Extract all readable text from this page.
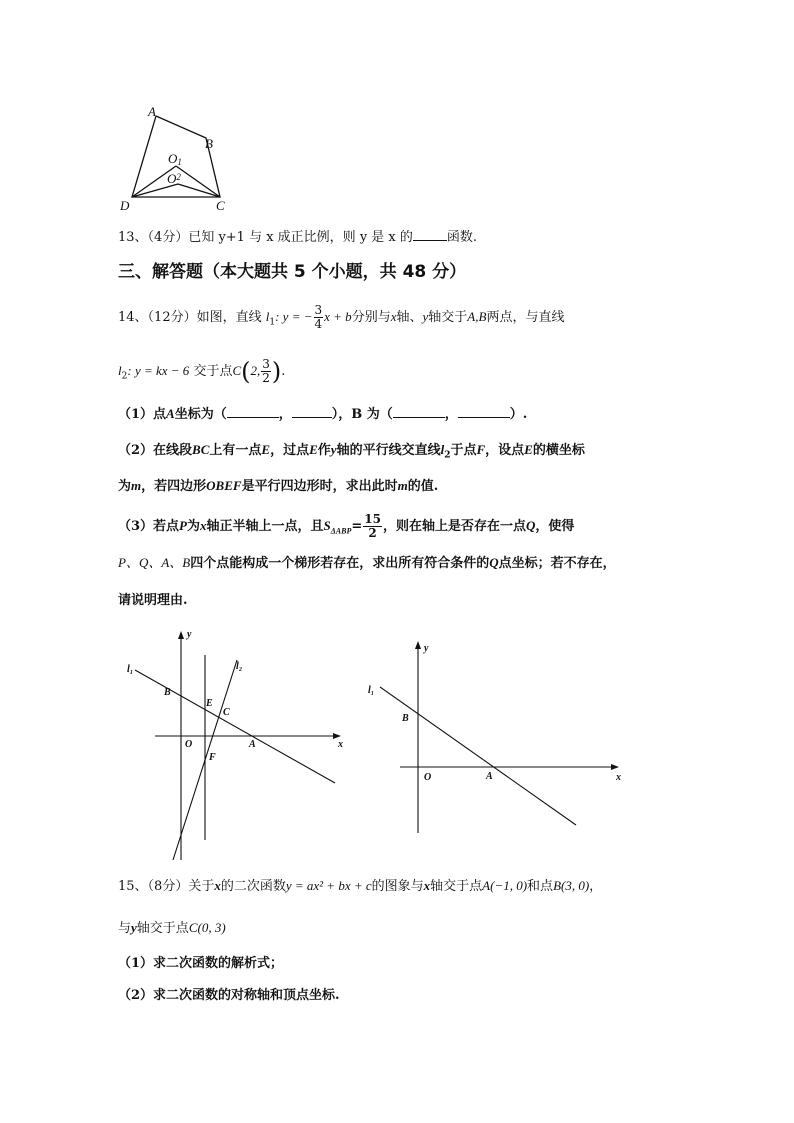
A
B
D	C
O1
$O^2$
13、（4分）已知 y+1 与 x 成正比例，则 y 是 x 的	函数.
三、解答题（本大题共 5 个小题，共 48 分）
14、（12分）如图，直线 $l_1$: y = − $\frac{3}{4}$ x + b分别与x轴、y轴交于A,B两点，与直线
$l_2$: y = kx − 6 交于点C(2, $\frac{3}{2}$ ).
（1）点A坐标为（	，	），B 为（	，	）.
（2）在线段BC上有一点E，过点E作y轴的平行线交直线$l_2$于点F，设点E的横坐标
为m，若四边形OBEF是平行四边形时，求出此时m的值.
（3）若点P为x轴正半轴上一点，且$S_{\Delta ABP}= \frac{15}{2}$ ，则在轴上是否存在一点Q，使得
P、Q、A、B四个点能构成一个梯形若存在，求出所有符合条件的Q点坐标；若不存在，
请说明理由.
y
x
l₁	l₂
B
E
C
O	A
F
y
x
l₁
B
O	A
15、（8分）关于x的二次函数y = ax² + bx + c的图象与x轴交于点A(−1, 0)和点B(3, 0)，
与y轴交于点C(0, 3)
（1）求二次函数的解析式；
（2）求二次函数的对称轴和顶点坐标.
